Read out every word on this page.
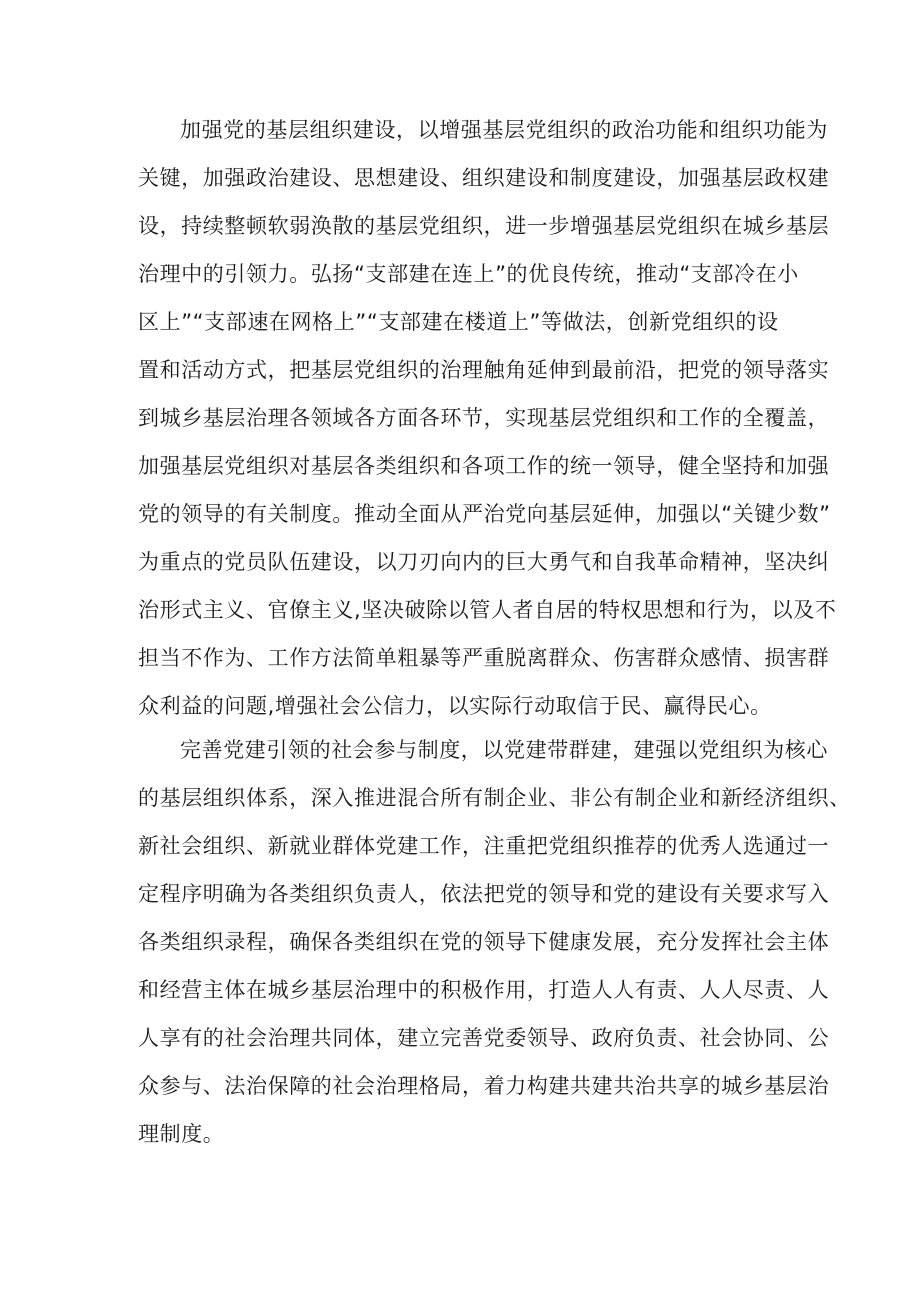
加强党的基层组织建设，以增强基层党组织的政治功能和组织功能为
关键，加强政治建设、思想建设、组织建设和制度建设，加强基层政权建
设，持续整顿软弱涣散的基层党组织，进一步增强基层党组织在城乡基层
治理中的引领力。弘扬“支部建在连上”的优良传统，推动“支部冷在小
区上”“支部速在网格上”“支部建在楼道上”等做法，创新党组织的设
置和活动方式，把基层党组织的治理触角延伸到最前沿，把党的领导落实
到城乡基层治理各领域各方面各环节，实现基层党组织和工作的全覆盖，
加强基层党组织对基层各类组织和各项工作的统一领导，健全坚持和加强
党的领导的有关制度。推动全面从严治党向基层延伸，加强以“关键少数”
为重点的党员队伍建设，以刀刃向内的巨大勇气和自我革命精神，坚决纠
治形式主义、官僚主义,坚决破除以管人者自居的特权思想和行为，以及不
担当不作为、工作方法简单粗暴等严重脱离群众、伤害群众感情、损害群
众利益的问题,增强社会公信力，以实际行动取信于民、赢得民心。
完善党建引领的社会参与制度，以党建带群建，建强以党组织为核心
的基层组织体系，深入推进混合所有制企业、非公有制企业和新经济组织、
新社会组织、新就业群体党建工作，注重把党组织推荐的优秀人选通过一
定程序明确为各类组织负责人，依法把党的领导和党的建设有关要求写入
各类组织录程，确保各类组织在党的领导下健康发展，充分发挥社会主体
和经营主体在城乡基层治理中的积极作用，打造人人有责、人人尽责、人
人享有的社会治理共同体，建立完善党委领导、政府负责、社会协同、公
众参与、法治保障的社会治理格局，着力构建共建共治共享的城乡基层治
理制度。
